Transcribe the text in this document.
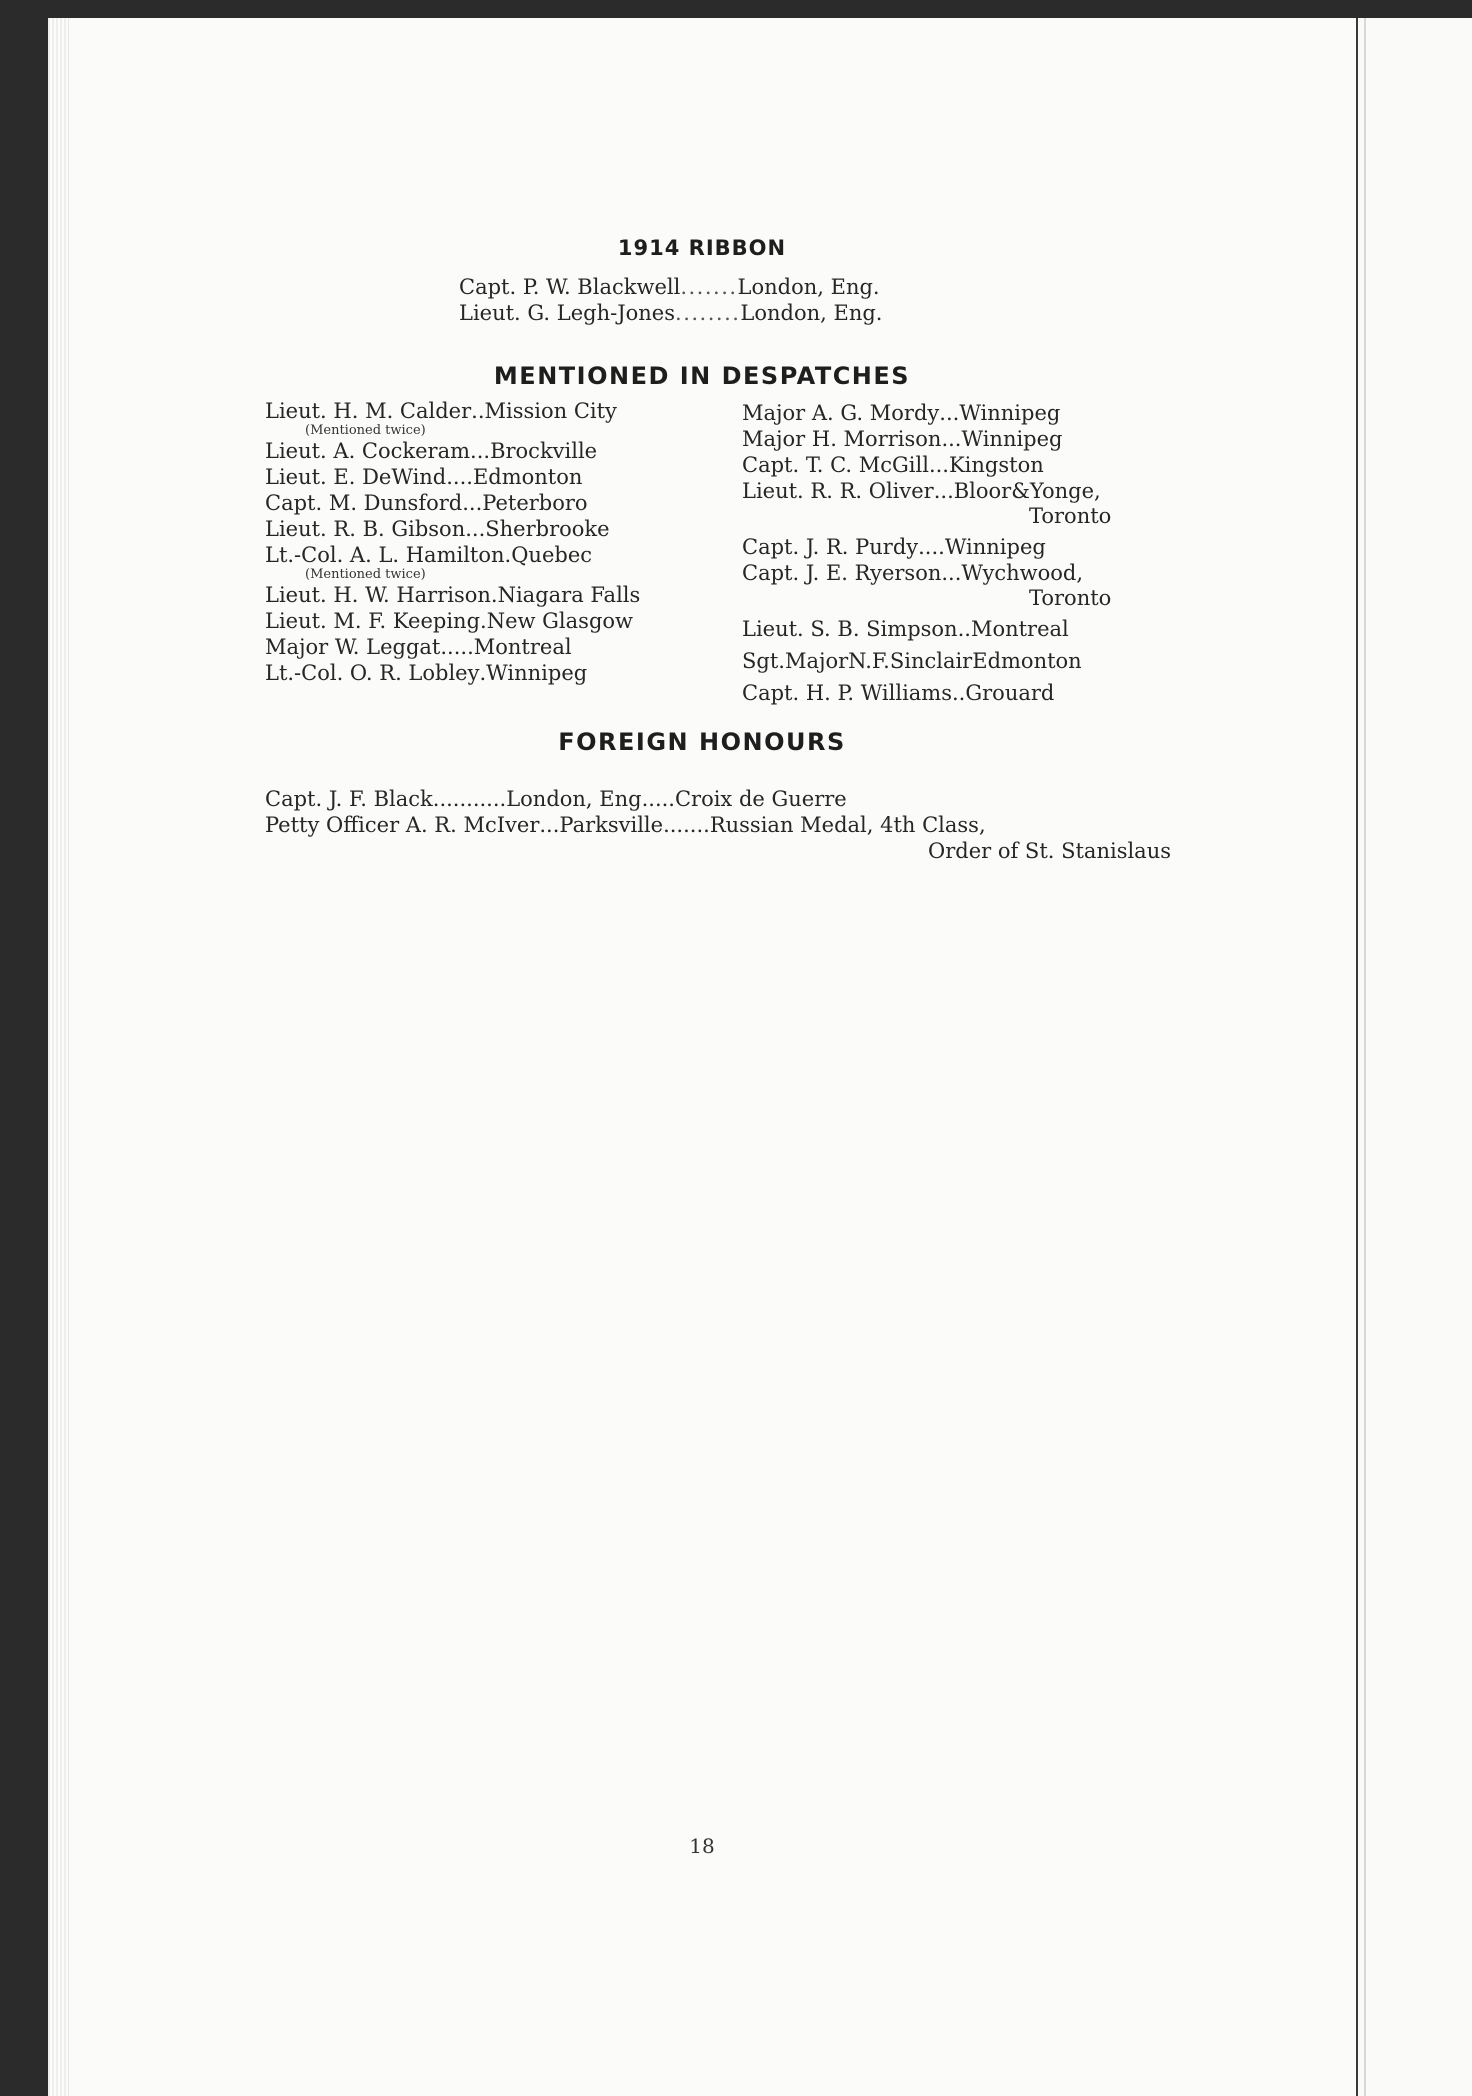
1914 RIBBON
Capt. P. W. Blackwell ....... London, Eng.
Lieut. G. Legh-Jones ........ London, Eng.
MENTIONED IN DESPATCHES
Lieut. H. M. Calder .. Mission City
(Mentioned twice)
Lieut. A. Cockeram ... Brockville
Lieut. E. DeWind .... Edmonton
Capt. M. Dunsford ... Peterboro
Lieut. R. B. Gibson ... Sherbrooke
Lt.-Col. A. L. Hamilton . Quebec
(Mentioned twice)
Lieut. H. W. Harrison . Niagara Falls
Lieut. M. F. Keeping . New Glasgow
Major W. Leggat ..... Montreal
Lt.-Col. O. R. Lobley . Winnipeg
Major A. G. Mordy ... Winnipeg
Major H. Morrison ... Winnipeg
Capt. T. C. McGill ... Kingston
Lieut. R. R. Oliver ... Bloor&Yonge,
Toronto
Capt. J. R. Purdy .... Winnipeg
Capt. J. E. Ryerson ... Wychwood,
Toronto
Lieut. S. B. Simpson .. Montreal
Sgt.MajorN.F.Sinclair Edmonton
Capt. H. P. Williams .. Grouard
FOREIGN HONOURS
Capt. J. F. Black ........... London, Eng. .... Croix de Guerre
Petty Officer A. R. McIver ... Parksville ....... Russian Medal, 4th Class,
Order of St. Stanislaus
18
